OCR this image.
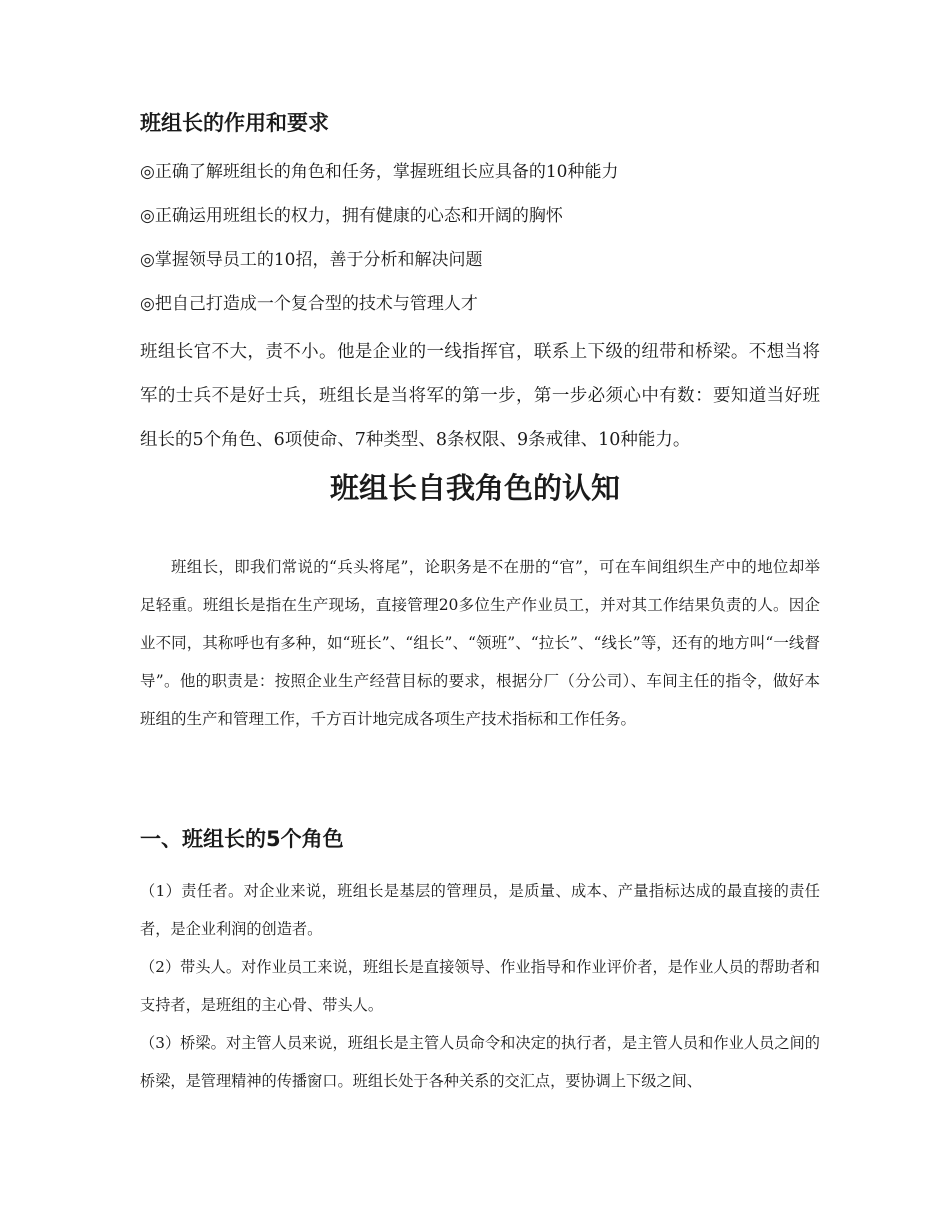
班组长的作用和要求

◎正确了解班组长的角色和任务，掌握班组长应具备的10种能力

◎正确运用班组长的权力，拥有健康的心态和开阔的胸怀

◎掌握领导员工的10招，善于分析和解决问题

◎把自己打造成一个复合型的技术与管理人才

班组长官不大，责不小。他是企业的一线指挥官，联系上下级的纽带和桥梁。不想当将军的士兵不是好士兵，班组长是当将军的第一步，第一步必须心中有数：要知道当好班组长的5个角色、6项使命、7种类型、8条权限、9条戒律、10种能力。

班组长自我角色的认知

班组长，即我们常说的“兵头将尾”，论职务是不在册的“官”，可在车间组织生产中的地位却举足轻重。班组长是指在生产现场，直接管理20多位生产作业员工，并对其工作结果负责的人。因企业不同，其称呼也有多种，如“班长”、“组长”、“领班”、“拉长”、“线长”等，还有的地方叫“一线督导”。他的职责是：按照企业生产经营目标的要求，根据分厂（分公司）、车间主任的指令，做好本班组的生产和管理工作，千方百计地完成各项生产技术指标和工作任务。

一、班组长的5个角色

（1）责任者。对企业来说，班组长是基层的管理员，是质量、成本、产量指标达成的最直接的责任者，是企业利润的创造者。

（2）带头人。对作业员工来说，班组长是直接领导、作业指导和作业评价者，是作业人员的帮助者和支持者，是班组的主心骨、带头人。

（3）桥梁。对主管人员来说，班组长是主管人员命令和决定的执行者，是主管人员和作业人员之间的桥梁，是管理精神的传播窗口。班组长处于各种关系的交汇点，要协调上下级之间、
